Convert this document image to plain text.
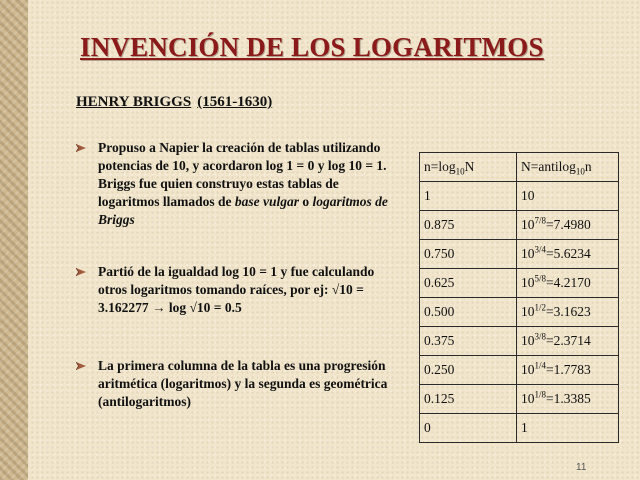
INVENCIÓN DE LOS LOGARITMOS
HENRY BRIGGS (1561-1630)
Propuso a Napier la creación de tablas utilizando potencias de 10, y acordaron log 1 = 0 y log 10 = 1. Briggs fue quien construyo estas tablas de logaritmos llamados de base vulgar o logaritmos de Briggs
Partió de la igualdad log 10 = 1 y fue calculando otros logaritmos tomando raíces, por ej: √10 = 3.162277 → log √10 = 0.5
La primera columna de la tabla es una progresión aritmética (logaritmos) y la segunda es geométrica (antilogaritmos)
$n=\log_{10}N$	N=antilog$_{10}$n
1	10
0.875	$10^{7/8}=7.4980$
0.750	$10^{3/4}=5.6234$
0.625	$10^{5/8}=4.2170$
0.500	$10^{1/2}=3.1623$
0.375	$10^{3/8}=2.3714$
0.250	$10^{1/4}=1.7783$
0.125	$10^{1/8}=1.3385$
0	1
11
